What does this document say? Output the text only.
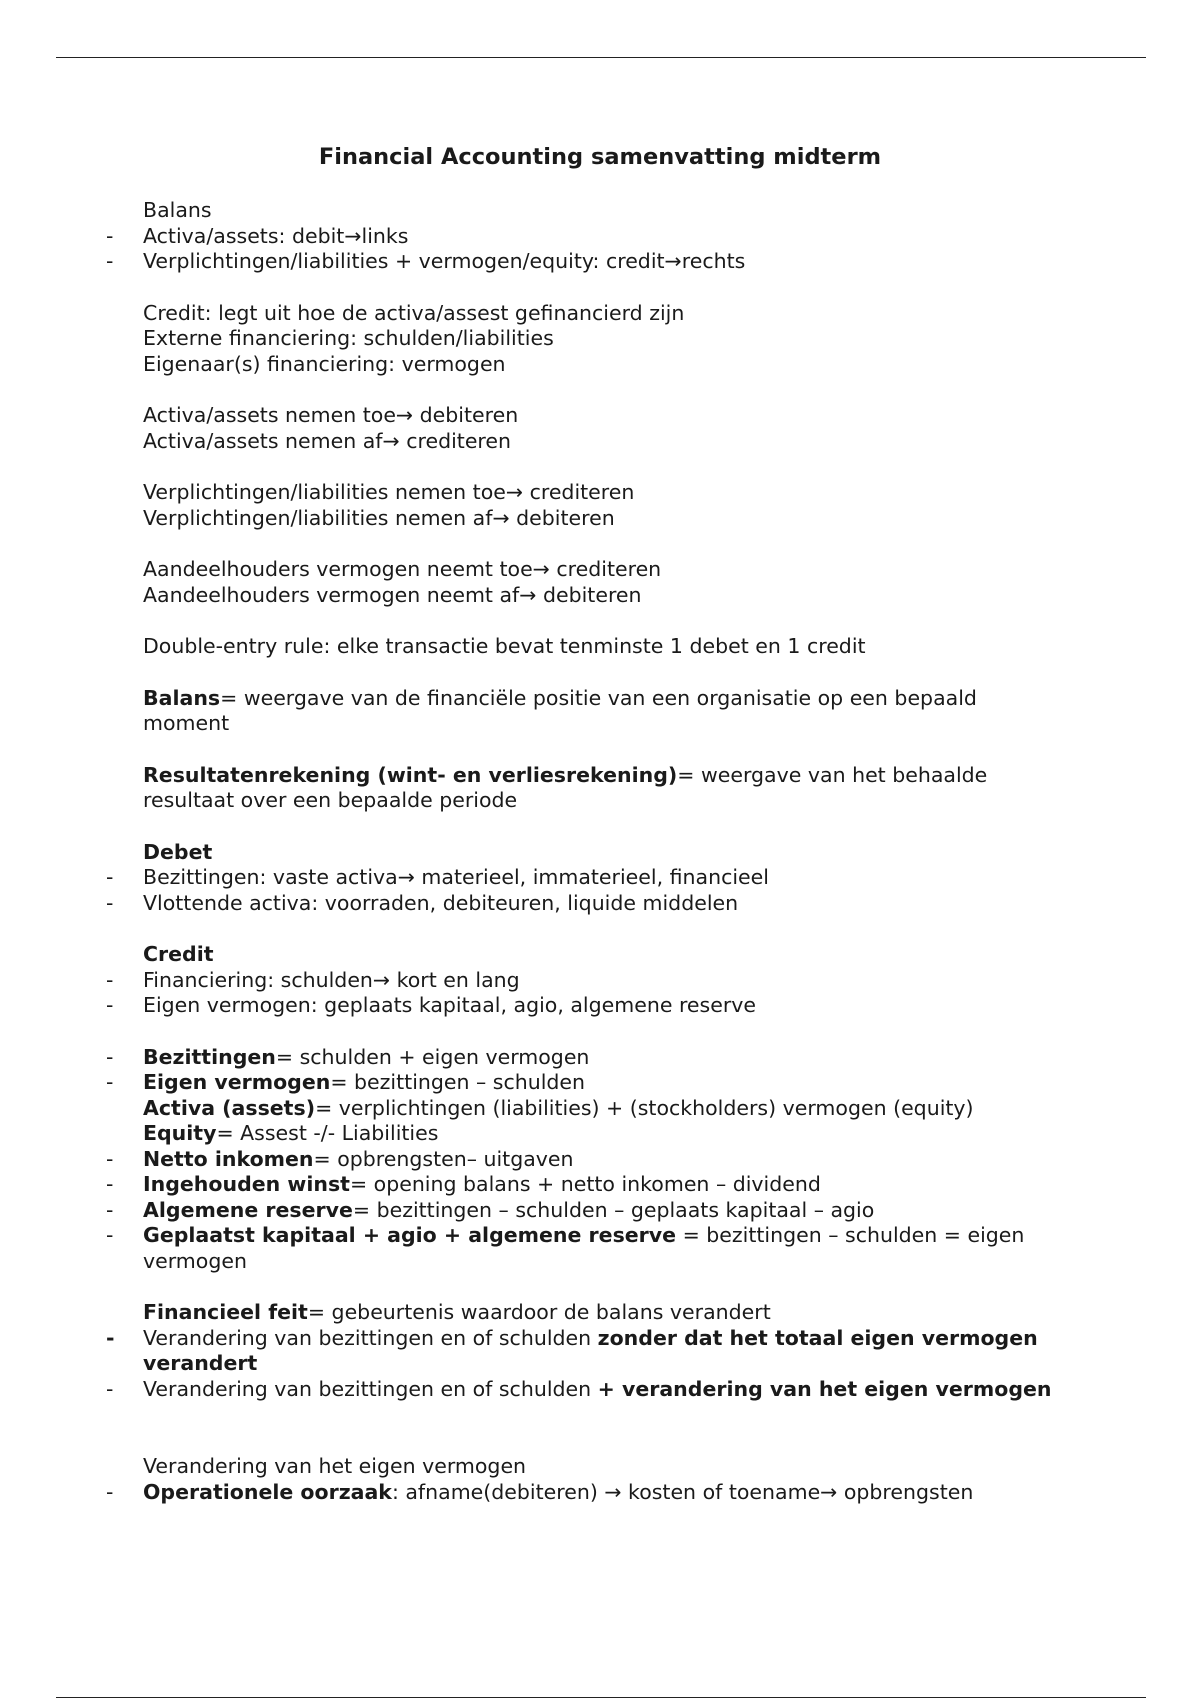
Financial Accounting samenvatting midterm
Balans
- Activa/assets: debit→links
- Verplichtingen/liabilities + vermogen/equity: credit→rechts
Credit: legt uit hoe de activa/assest gefinancierd zijn
Externe financiering: schulden/liabilities
Eigenaar(s) financiering: vermogen
Activa/assets nemen toe→ debiteren
Activa/assets nemen af→ crediteren
Verplichtingen/liabilities nemen toe→ crediteren
Verplichtingen/liabilities nemen af→ debiteren
Aandeelhouders vermogen neemt toe→ crediteren
Aandeelhouders vermogen neemt af→ debiteren
Double-entry rule: elke transactie bevat tenminste 1 debet en 1 credit
Balans= weergave van de financiële positie van een organisatie op een bepaald moment
Resultatenrekening (wint- en verliesrekening)= weergave van het behaalde resultaat over een bepaalde periode
Debet
- Bezittingen: vaste activa→ materieel, immaterieel, financieel
- Vlottende activa: voorraden, debiteuren, liquide middelen
Credit
- Financiering: schulden→ kort en lang
- Eigen vermogen: geplaats kapitaal, agio, algemene reserve
- Bezittingen= schulden + eigen vermogen
- Eigen vermogen= bezittingen – schulden
Activa (assets)= verplichtingen (liabilities) + (stockholders) vermogen (equity)
Equity= Assest -/- Liabilities
- Netto inkomen= opbrengsten– uitgaven
- Ingehouden winst= opening balans + netto inkomen – dividend
- Algemene reserve= bezittingen – schulden – geplaats kapitaal – agio
- Geplaatst kapitaal + agio + algemene reserve = bezittingen – schulden = eigen vermogen
Financieel feit= gebeurtenis waardoor de balans verandert
- Verandering van bezittingen en of schulden zonder dat het totaal eigen vermogen verandert
- Verandering van bezittingen en of schulden + verandering van het eigen vermogen
Verandering van het eigen vermogen
- Operationele oorzaak: afname(debiteren) → kosten of toename→ opbrengsten
